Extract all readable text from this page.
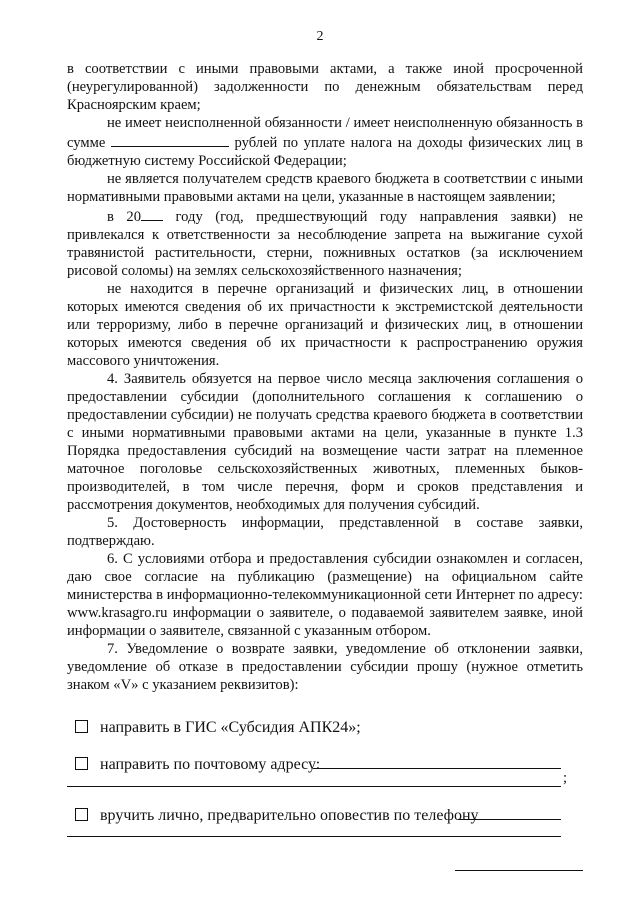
2

в соответствии с иными правовыми актами, а также иной просроченной (неурегулированной) задолженности по денежным обязательствам перед Красноярским краем;

не имеет неисполненной обязанности / имеет неисполненную обязанность в сумме	рублей по уплате налога на доходы физических лиц в бюджетную систему Российской Федерации;

не является получателем средств краевого бюджета в соответствии с иными нормативными правовыми актами на цели, указанные в настоящем заявлении;

в 20 году (год, предшествующий году направления заявки) не привлекался к ответственности за несоблюдение запрета на выжигание сухой травянистой растительности, стерни, пожнивных остатков (за исключением рисовой соломы) на землях сельскохозяйственного назначения;

не находится в перечне организаций и физических лиц, в отношении которых имеются сведения об их причастности к экстремистской деятельности или терроризму, либо в перечне организаций и физических лиц, в отношении которых имеются сведения об их причастности к распространению оружия массового уничтожения.

4. Заявитель обязуется на первое число месяца заключения соглашения о предоставлении субсидии (дополнительного соглашения к соглашению о предоставлении субсидии) не получать средства краевого бюджета в соответствии с иными нормативными правовыми актами на цели, указанные в пункте 1.3 Порядка предоставления субсидий на возмещение части затрат на племенное маточное поголовье сельскохозяйственных животных, племенных быков-производителей, в том числе перечня, форм и сроков представления и рассмотрения документов, необходимых для получения субсидий.

5. Достоверность информации, представленной в составе заявки, подтверждаю.

6. С условиями отбора и предоставления субсидии ознакомлен и согласен, даю свое согласие на публикацию (размещение) на официальном сайте министерства в информационно-телекоммуникационной сети Интернет по адресу: www.krasagro.ru информации о заявителе, о подаваемой заявителем заявке, иной информации о заявителе, связанной с указанным отбором.

7. Уведомление о возврате заявки, уведомление об отклонении заявки, уведомление об отказе в предоставлении субсидии прошу (нужное отметить знаком «V» с указанием реквизитов):

направить в ГИС «Субсидия АПК24»;
направить по почтовому адресу:
;
вручить лично, предварительно оповестив по телефону
